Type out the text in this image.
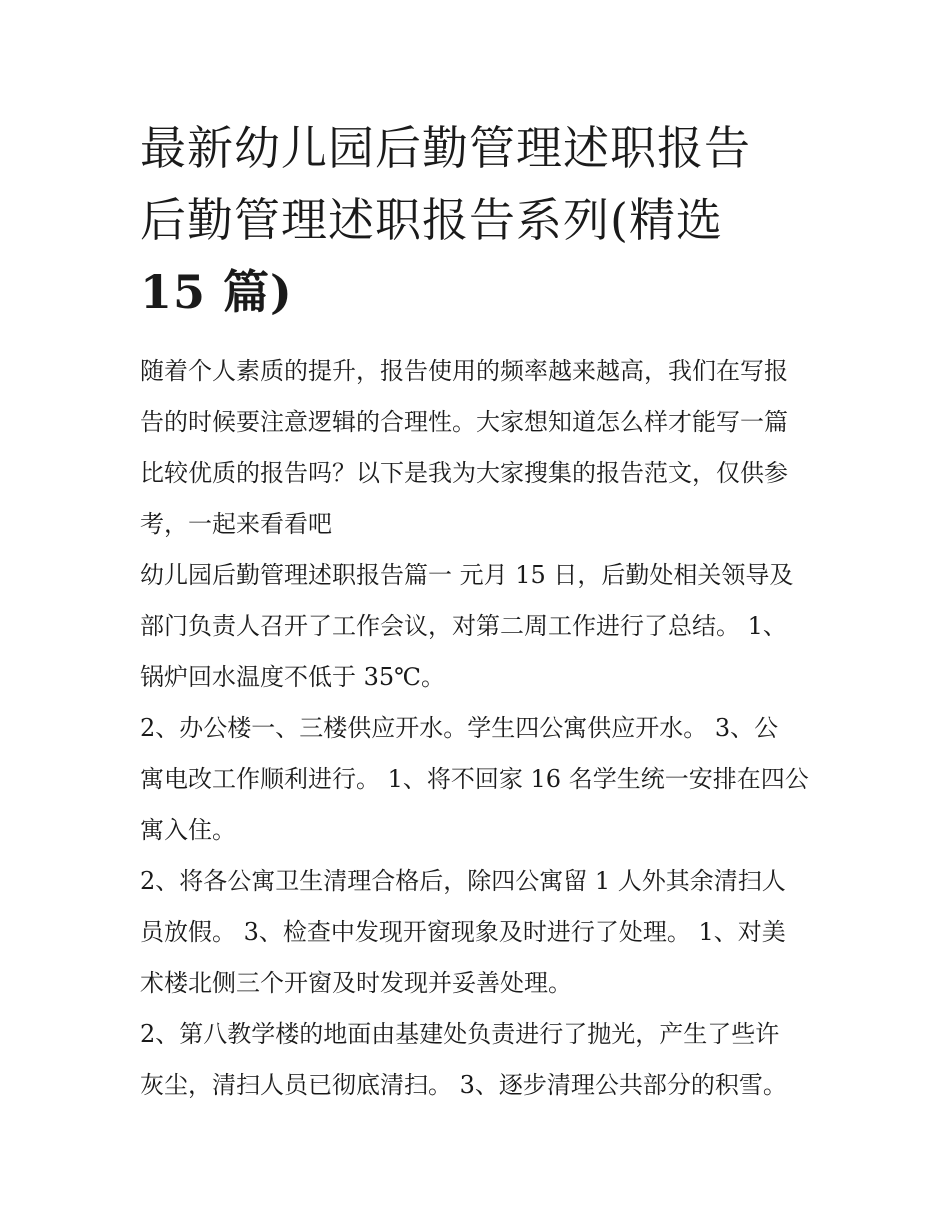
最新幼儿园后勤管理述职报告
后勤管理述职报告系列(精选
15 篇)

随着个人素质的提升，报告使用的频率越来越高，我们在写报
告的时候要注意逻辑的合理性。大家想知道怎么样才能写一篇
比较优质的报告吗？以下是我为大家搜集的报告范文，仅供参
考，一起来看看吧

幼儿园后勤管理述职报告篇一 元月 15 日，后勤处相关领导及
部门负责人召开了工作会议，对第二周工作进行了总结。 1、
锅炉回水温度不低于 35℃。

2、办公楼一、三楼供应开水。学生四公寓供应开水。 3、公
寓电改工作顺利进行。 1、将不回家 16 名学生统一安排在四公
寓入住。

2、将各公寓卫生清理合格后，除四公寓留 1 人外其余清扫人
员放假。 3、检查中发现开窗现象及时进行了处理。 1、对美
术楼北侧三个开窗及时发现并妥善处理。

2、第八教学楼的地面由基建处负责进行了抛光，产生了些许
灰尘，清扫人员已彻底清扫。 3、逐步清理公共部分的积雪。
